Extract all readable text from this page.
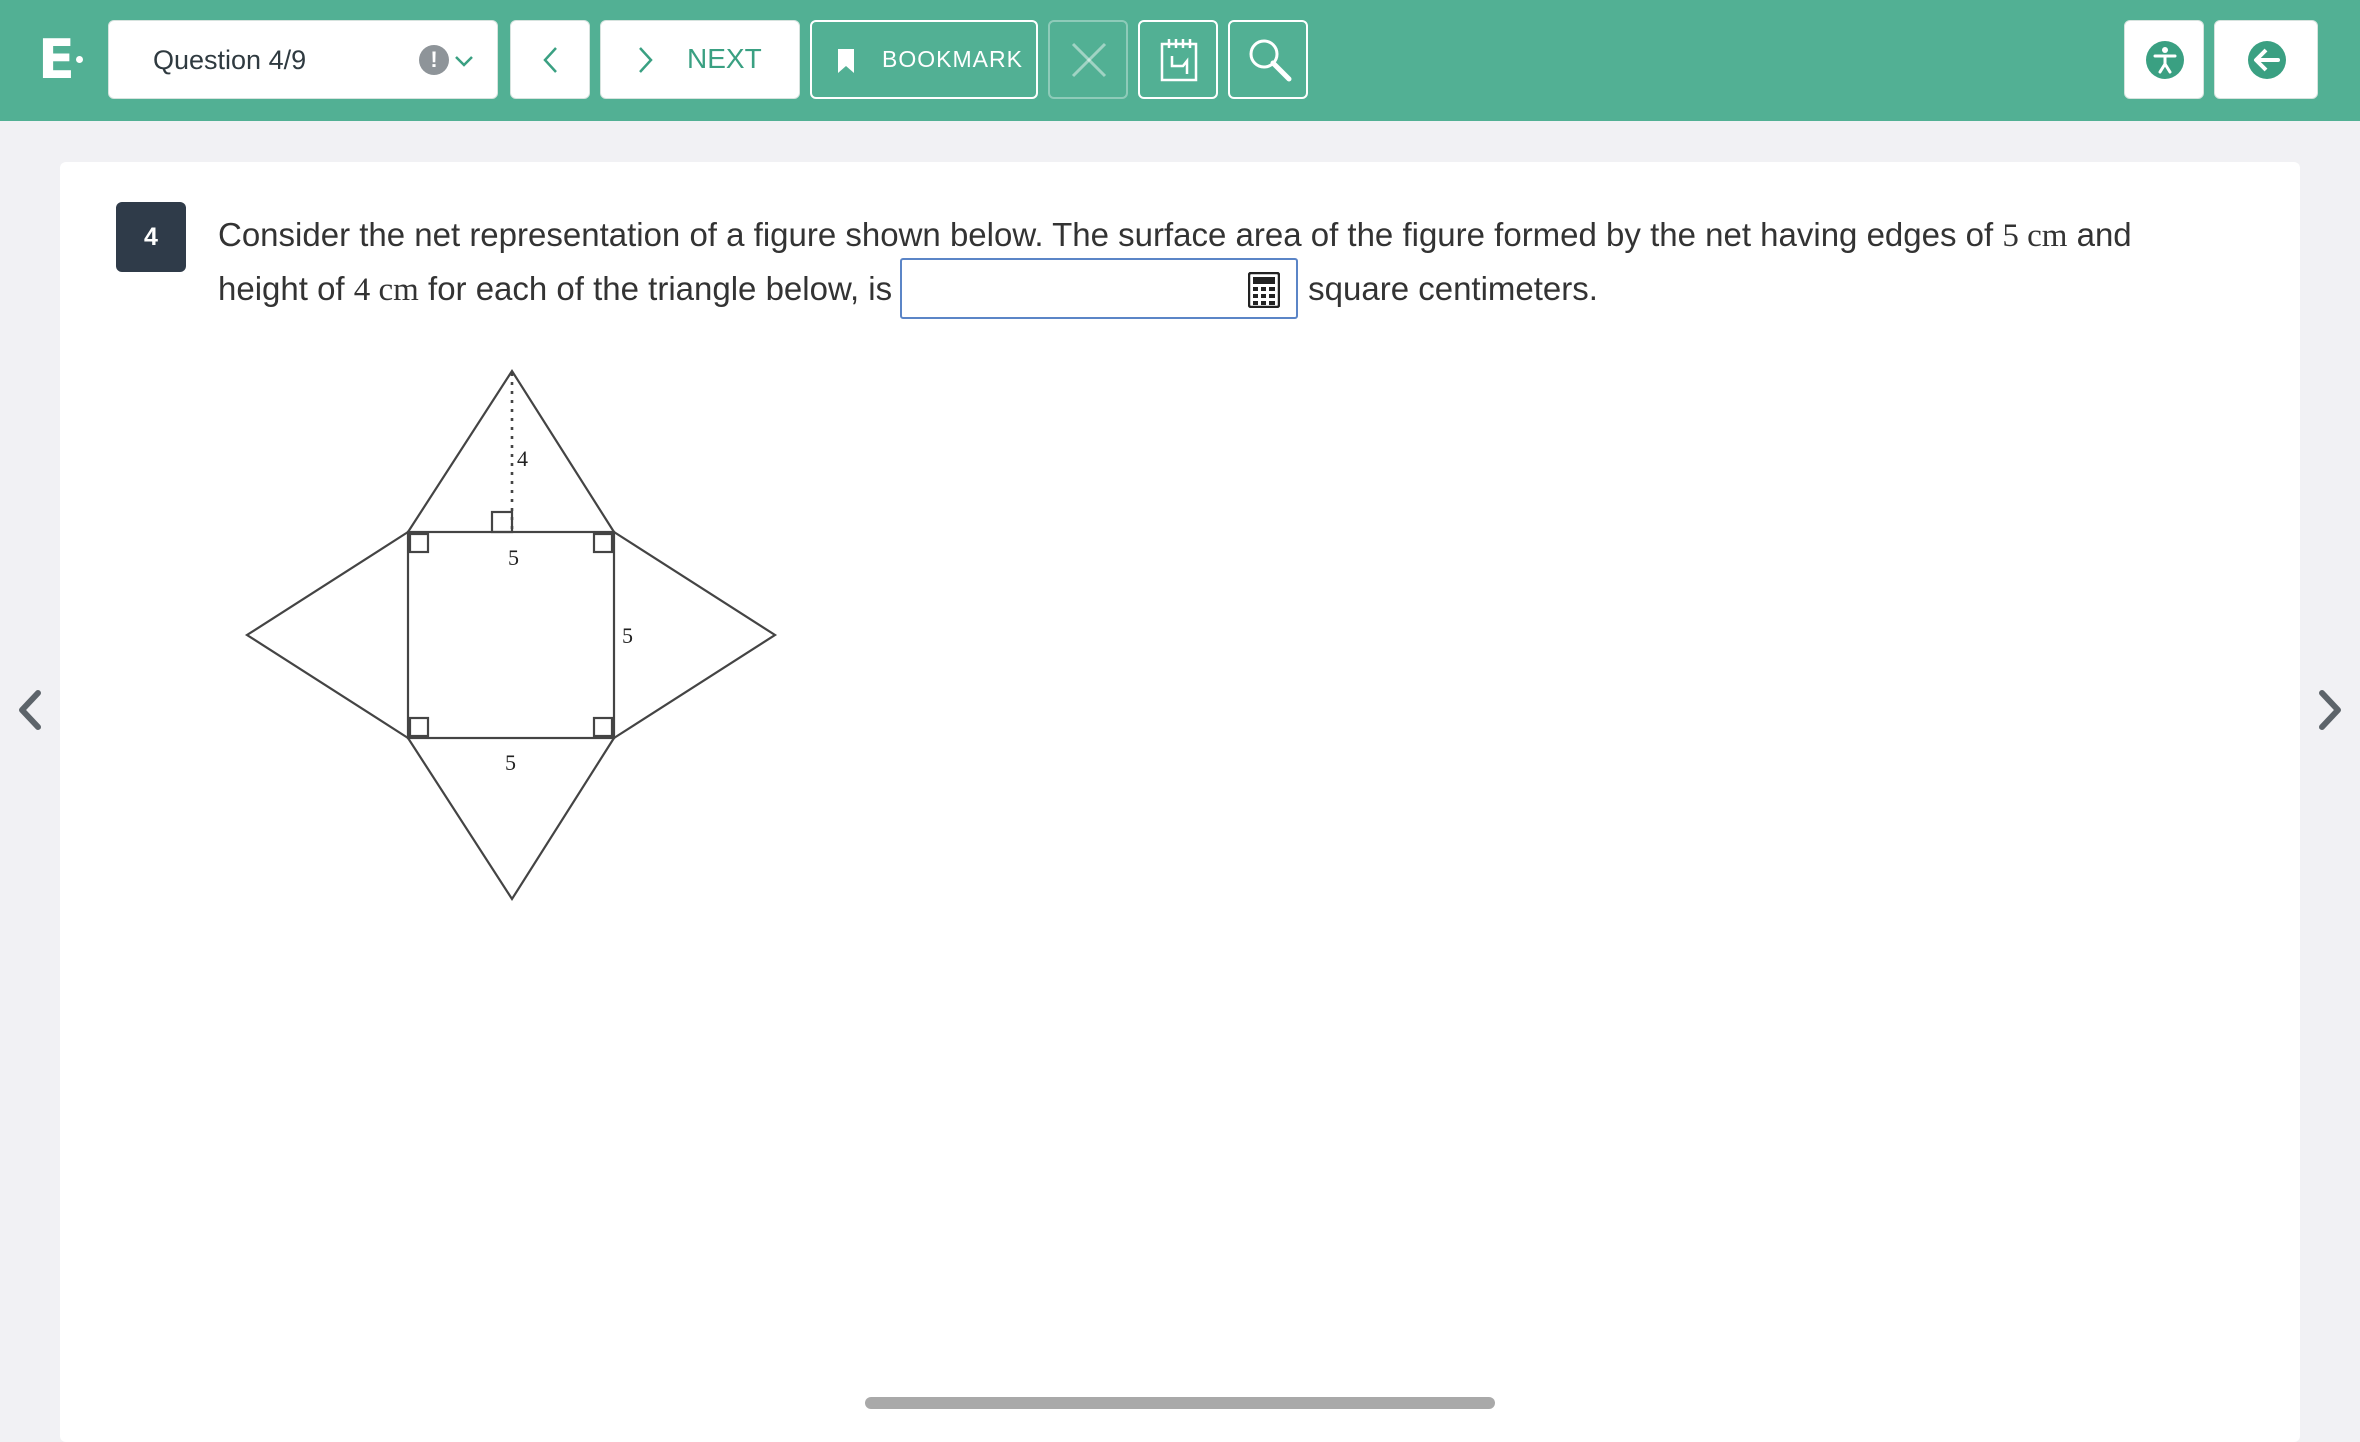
E	Question 4/9
!	NEXT	BOOKMARK
4	Consider the net representation of a figure shown below. The surface area of the figure formed by the net having edges of 5 cm and height of 4 cm for each of the triangle below, is	square centimeters.
4
5
5
5
